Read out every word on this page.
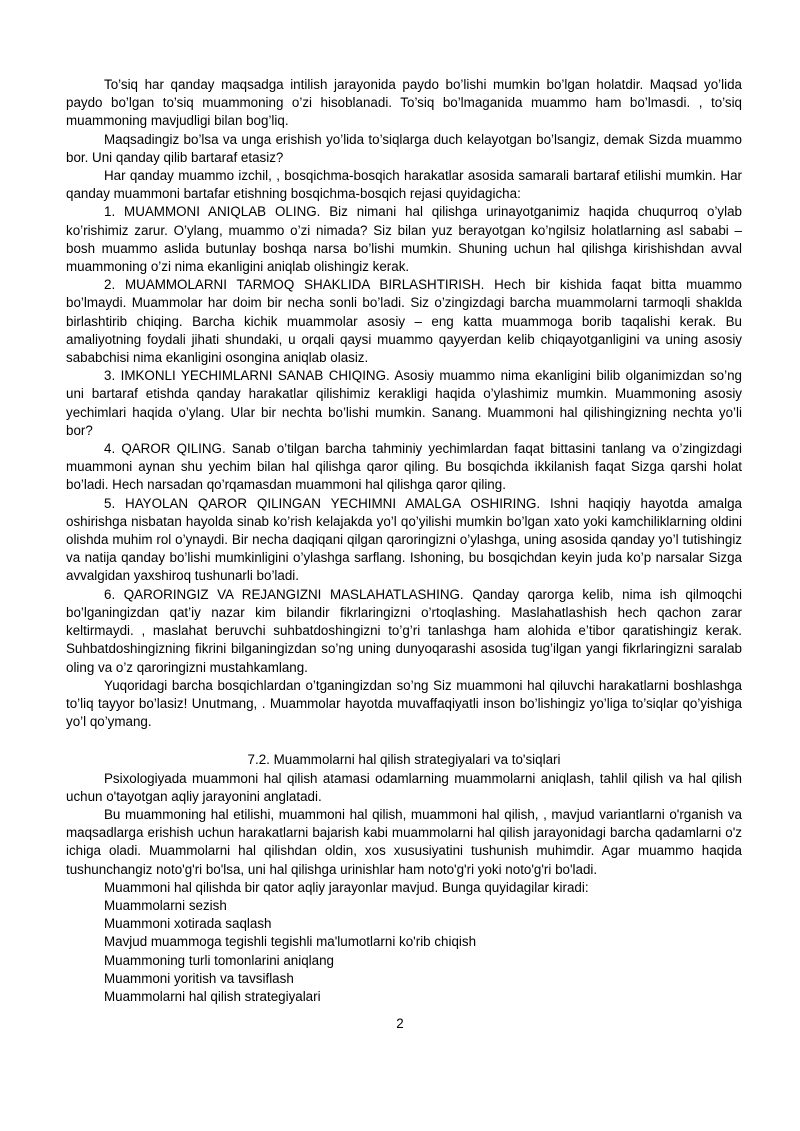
To’siq har qanday maqsadga intilish jarayonida paydo bo’lishi mumkin bo’lgan holatdir. Maqsad yo’lida paydo bo’lgan to’siq muammoning o’zi hisoblanadi. To’siq bo’lmaganida muammo ham bo’lmasdi. , to’siq muammoning mavjudligi bilan bog’liq.

Maqsadingiz bo’lsa va unga erishish yo’lida to’siqlarga duch kelayotgan bo’lsangiz, demak Sizda muammo bor. Uni qanday qilib bartaraf etasiz?

Har qanday muammo izchil, , bosqichma-bosqich harakatlar asosida samarali bartaraf etilishi mumkin. Har qanday muammoni bartafar etishning bosqichma-bosqich rejasi quyidagicha:

1. MUAMMONI ANIQLAB OLING. Biz nimani hal qilishga urinayotganimiz haqida chuqurroq o’ylab ko’rishimiz zarur. O’ylang, muammo o’zi nimada? Siz bilan yuz berayotgan ko’ngilsiz holatlarning asl sababi – bosh muammo aslida butunlay boshqa narsa bo’lishi mumkin. Shuning uchun hal qilishga kirishishdan avval muammoning o’zi nima ekanligini aniqlab olishingiz kerak.

2. MUAMMOLARNI TARMOQ SHAKLIDA BIRLASHTIRISH. Hech bir kishida faqat bitta muammo bo’lmaydi. Muammolar har doim bir necha sonli bo’ladi. Siz o’zingizdagi barcha muammolarni tarmoqli shaklda birlashtirib chiqing. Barcha kichik muammolar asosiy – eng katta muammoga borib taqalishi kerak. Bu amaliyotning foydali jihati shundaki, u orqali qaysi muammo qayyerdan kelib chiqayotganligini va uning asosiy sababchisi nima ekanligini osongina aniqlab olasiz.

3. IMKONLI YECHIMLARNI SANAB CHIQING. Asosiy muammo nima ekanligini bilib olganimizdan so’ng uni bartaraf etishda qanday harakatlar qilishimiz kerakligi haqida o’ylashimiz mumkin. Muammoning asosiy yechimlari haqida o’ylang. Ular bir nechta bo’lishi mumkin. Sanang. Muammoni hal qilishingizning nechta yo’li bor?

4. QAROR QILING. Sanab o’tilgan barcha tahminiy yechimlardan faqat bittasini tanlang va o’zingizdagi muammoni aynan shu yechim bilan hal qilishga qaror qiling. Bu bosqichda ikkilanish faqat Sizga qarshi holat bo’ladi. Hech narsadan qo’rqamasdan muammoni hal qilishga qaror qiling.

5. HAYOLAN QAROR QILINGAN YECHIMNI AMALGA OSHIRING. Ishni haqiqiy hayotda amalga oshirishga nisbatan hayolda sinab ko’rish kelajakda yo’l qo’yilishi mumkin bo’lgan xato yoki kamchiliklarning oldini olishda muhim rol o’ynaydi. Bir necha daqiqani qilgan qaroringizni o’ylashga, uning asosida qanday yo’l tutishingiz va natija qanday bo’lishi mumkinligini o’ylashga sarflang. Ishoning, bu bosqichdan keyin juda ko’p narsalar Sizga avvalgidan yaxshiroq tushunarli bo’ladi.

6. QARORINGIZ VA REJANGIZNI MASLAHATLASHING. Qanday qarorga kelib, nima ish qilmoqchi bo’lganingizdan qat’iy nazar kim bilandir fikrlaringizni o’rtoqlashing. Maslahatlashish hech qachon zarar keltirmaydi. , maslahat beruvchi suhbatdoshingizni to’g’ri tanlashga ham alohida e’tibor qaratishingiz kerak. Suhbatdoshingizning fikrini bilganingizdan so’ng uning dunyoqarashi asosida tug’ilgan yangi fikrlaringizni saralab oling va o’z qaroringizni mustahkamlang.

Yuqoridagi barcha bosqichlardan o’tganingizdan so’ng Siz muammoni hal qiluvchi harakatlarni boshlashga to’liq tayyor bo’lasiz! Unutmang, . Muammolar hayotda muvaffaqiyatli inson bo’lishingiz yo’liga to’siqlar qo’yishiga yo’l qo’ymang.

7.2. Muammolarni hal qilish strategiyalari va to'siqlari

Psixologiyada muammoni hal qilish atamasi odamlarning muammolarni aniqlash, tahlil qilish va hal qilish uchun o'tayotgan aqliy jarayonini anglatadi.

Bu muammoning hal etilishi, muammoni hal qilish, muammoni hal qilish, , mavjud variantlarni o'rganish va maqsadlarga erishish uchun harakatlarni bajarish kabi muammolarni hal qilish jarayonidagi barcha qadamlarni o'z ichiga oladi. Muammolarni hal qilishdan oldin, xos xususiyatini tushunish muhimdir. Agar muammo haqida tushunchangiz noto'g'ri bo'lsa, uni hal qilishga urinishlar ham noto'g'ri yoki noto'g'ri bo'ladi.

Muammoni hal qilishda bir qator aqliy jarayonlar mavjud. Bunga quyidagilar kiradi:

Muammolarni sezish

Muammoni xotirada saqlash

Mavjud muammoga tegishli tegishli ma'lumotlarni ko'rib chiqish

Muammoning turli tomonlarini aniqlang

Muammoni yoritish va tavsiflash

Muammolarni hal qilish strategiyalari

2
